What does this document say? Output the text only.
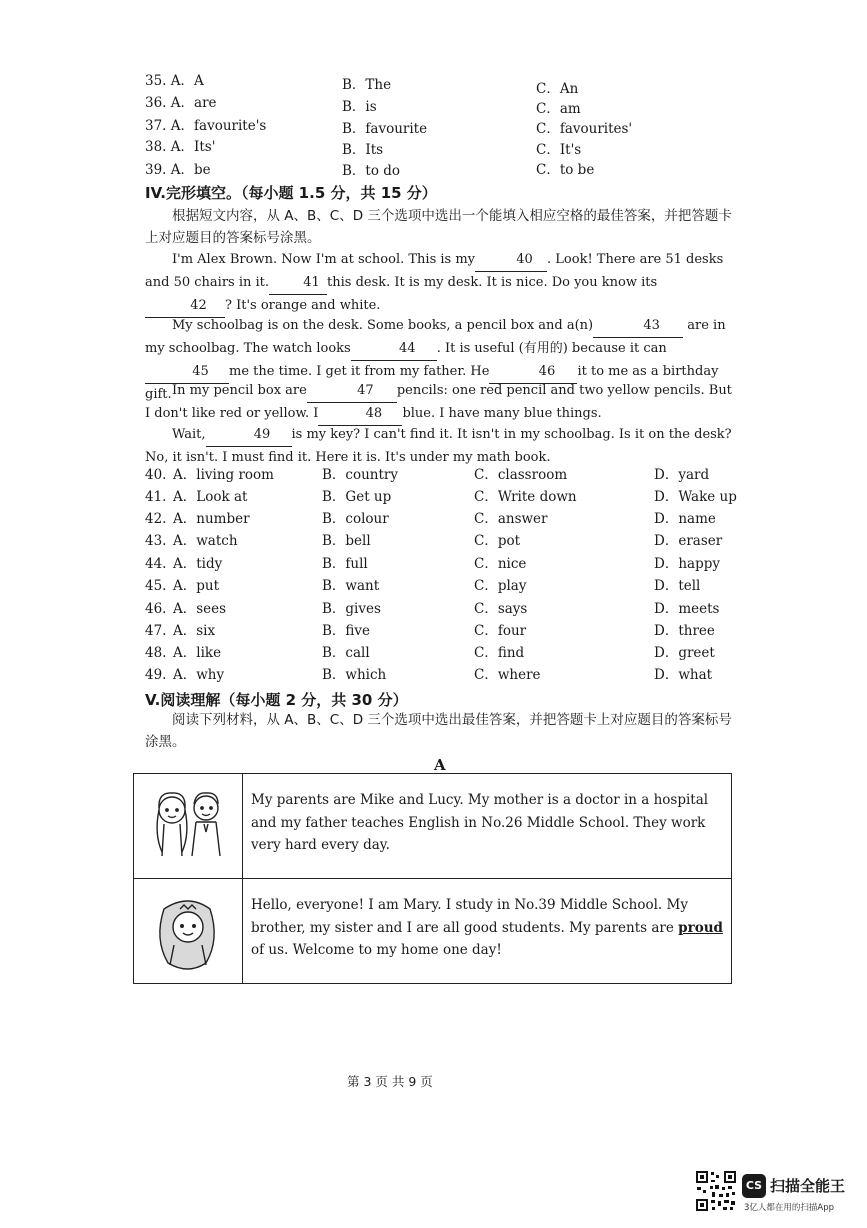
35. A．A	B．The	C．An
36. A．are	B．is	C．am
37. A．favourite's	B．favourite	C．favourites'
38. A．Its'	B．Its	C．It's
39. A．be	B．to do	C．to be
IV.完形填空。（每小题 1.5 分，共 15 分）
根据短文内容，从 A、B、C、D 三个选项中选出一个能填入相应空格的最佳答案，并把答题卡上对应题目的答案标号涂黑。
I'm Alex Brown. Now I'm at school. This is my	40 . Look! There are 51 desks and 50 chairs in it.	41 this desk. It is my desk. It is nice. Do you know its42 ? It's orange and white.
My schoolbag is on the desk. Some books, a pencil box and a(n)	43 are in my schoolbag. The watch looks	44 . It is useful (有用的) because it can45 me the time. I get it from my father. He	46 it to me as a birthday gift. In my pencil box are	47 pencils: one red pencil and two yellow pencils. But I don't like red or yellow. I	48 blue. I have many blue things.
Wait,	49 is my key? I can't find it. It isn't in my schoolbag. Is it on the desk? No, it isn't. I must find it. Here it is. It's under my math book.
40. A．living room	B．country	C．classroom	D．yard
41. A．Look at	B．Get up	C．Write down	D．Wake up
42. A．number	B．colour	C．answer	D．name
43. A．watch	B．bell	C．pot	D．eraser
44. A．tidy	B．full	C．nice	D．happy
45. A．put	B．want	C．play	D．tell
46. A．sees	B．gives	C．says	D．meets
47. A．six	B．five	C．four	D．three
48. A．like	B．call	C．find	D．greet
49. A．why	B．which	C．where	D．what
V.阅读理解（每小题 2 分，共 30 分）
阅读下列材料，从 A、B、C、D 三个选项中选出最佳答案，并把答题卡上对应题目的答案标号涂黑。
A
	My parents are Mike and Lucy. My mother is a doctor in a hospital and my father teaches English in No.26 Middle School. They work very hard every day.
	Hello, everyone! I am Mary. I study in No.39 Middle School. My brother, my sister and I are all good students. My parents are proud of us. Welcome to my home one day!
第 3 页 共 9 页
CS 扫描全能王
3亿人都在用的扫描App
